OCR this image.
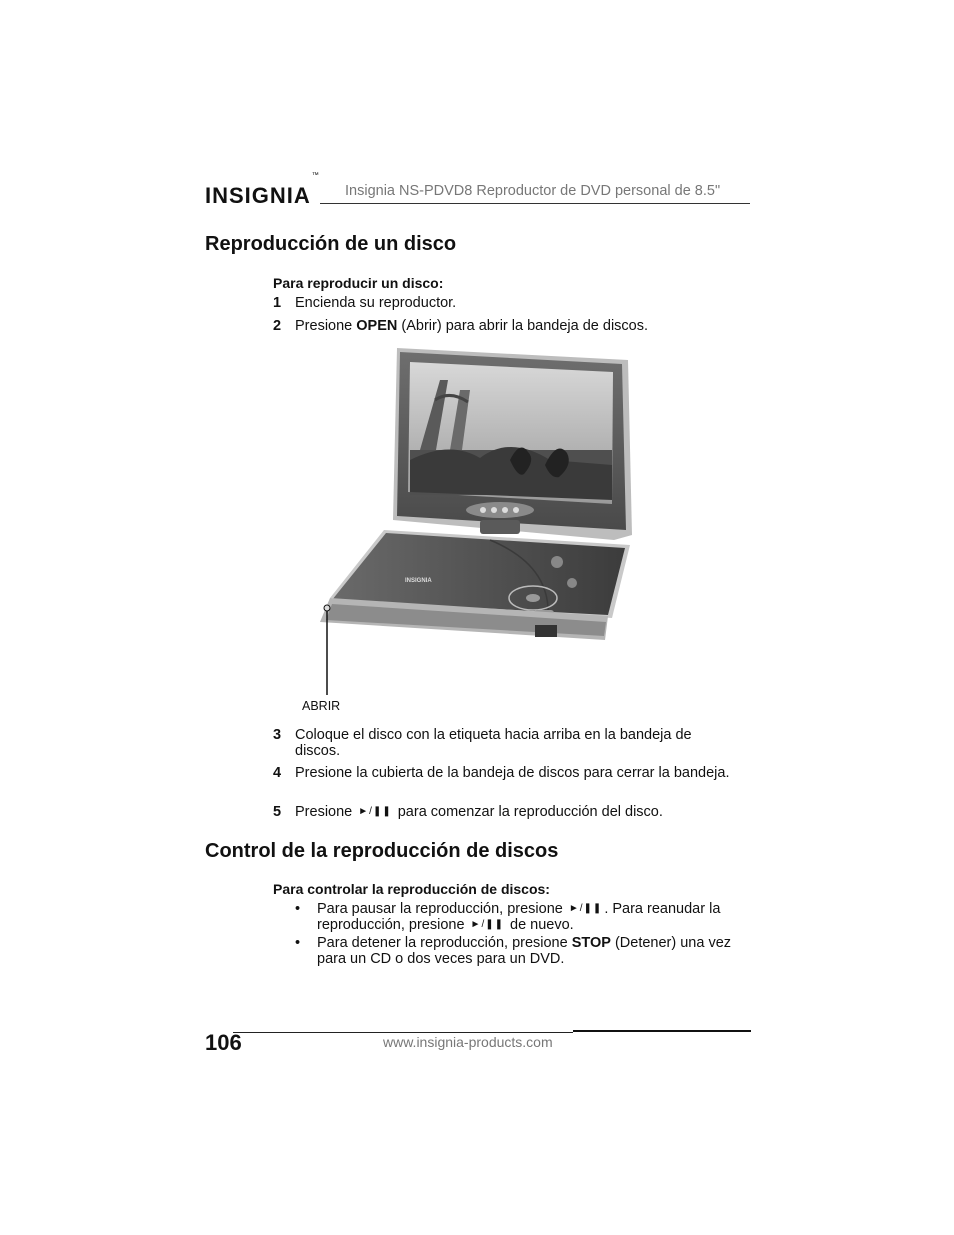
INSIGNIA™
Insignia NS-PDVD8 Reproductor de DVD personal de 8.5"
Reproducción de un disco
Para reproducir un disco:
1 Encienda su reproductor.
2 Presione OPEN (Abrir) para abrir la bandeja de discos.
INSIGNIA
ABRIR
3 Coloque el disco con la etiqueta hacia arriba en la bandeja de discos.
4 Presione la cubierta de la bandeja de discos para cerrar la bandeja.
5 Presione ►/❚❚ para comenzar la reproducción del disco.
Control de la reproducción de discos
Para controlar la reproducción de discos:
• Para pausar la reproducción, presione ►/❚❚ . Para reanudar la reproducción, presione ►/❚❚ de nuevo.
• Para detener la reproducción, presione STOP (Detener) una vez para un CD o dos veces para un DVD.
106	www.insignia-products.com
